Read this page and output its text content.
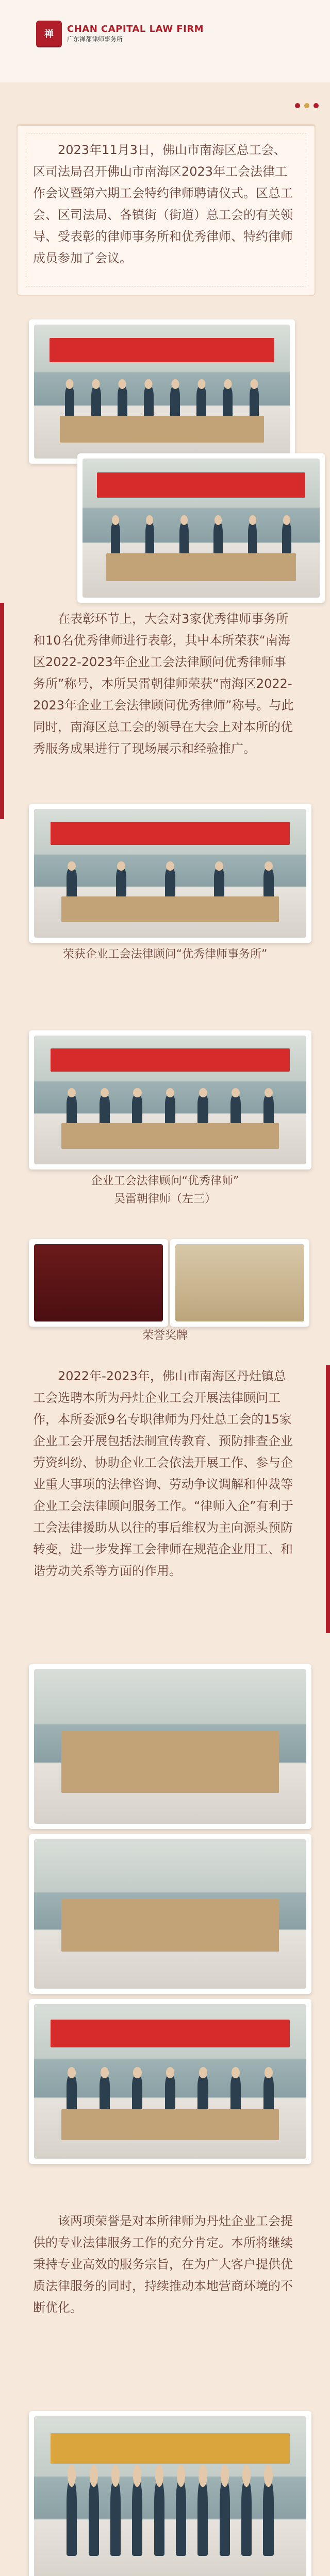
禅	CHAN CAPITAL LAW FIRM
广东禅都律师事务所
2023年11月3日，佛山市南海区总工会、区司法局召开佛山市南海区2023年工会法律工作会议暨第六期工会特约律师聘请仪式。区总工会、区司法局、各镇街（街道）总工会的有关领导、受表彰的律师事务所和优秀律师、特约律师成员参加了会议。
在表彰环节上，大会对3家优秀律师事务所和10名优秀律师进行表彰，其中本所荣获“南海区2022-2023年企业工会法律顾问优秀律师事务所”称号，本所吴雷朝律师荣获“南海区2022-2023年企业工会法律顾问优秀律师”称号。与此同时，南海区总工会的领导在大会上对本所的优秀服务成果进行了现场展示和经验推广。
荣获企业工会法律顾问“优秀律师事务所”
企业工会法律顾问“优秀律师”
吴雷朝律师（左三）
荣誉奖牌
2022年-2023年，佛山市南海区丹灶镇总工会选聘本所为丹灶企业工会开展法律顾问工作，本所委派9名专职律师为丹灶总工会的15家企业工会开展包括法制宣传教育、预防排查企业劳资纠纷、协助企业工会依法开展工作、参与企业重大事项的法律咨询、劳动争议调解和仲裁等企业工会法律顾问服务工作。“律师入企”有利于工会法律援助从以往的事后维权为主向源头预防转变，进一步发挥工会律师在规范企业用工、和谐劳动关系等方面的作用。
该两项荣誉是对本所律师为丹灶企业工会提供的专业法律服务工作的充分肯定。本所将继续秉持专业高效的服务宗旨，在为广大客户提供优质法律服务的同时，持续推动本地营商环境的不断优化。
